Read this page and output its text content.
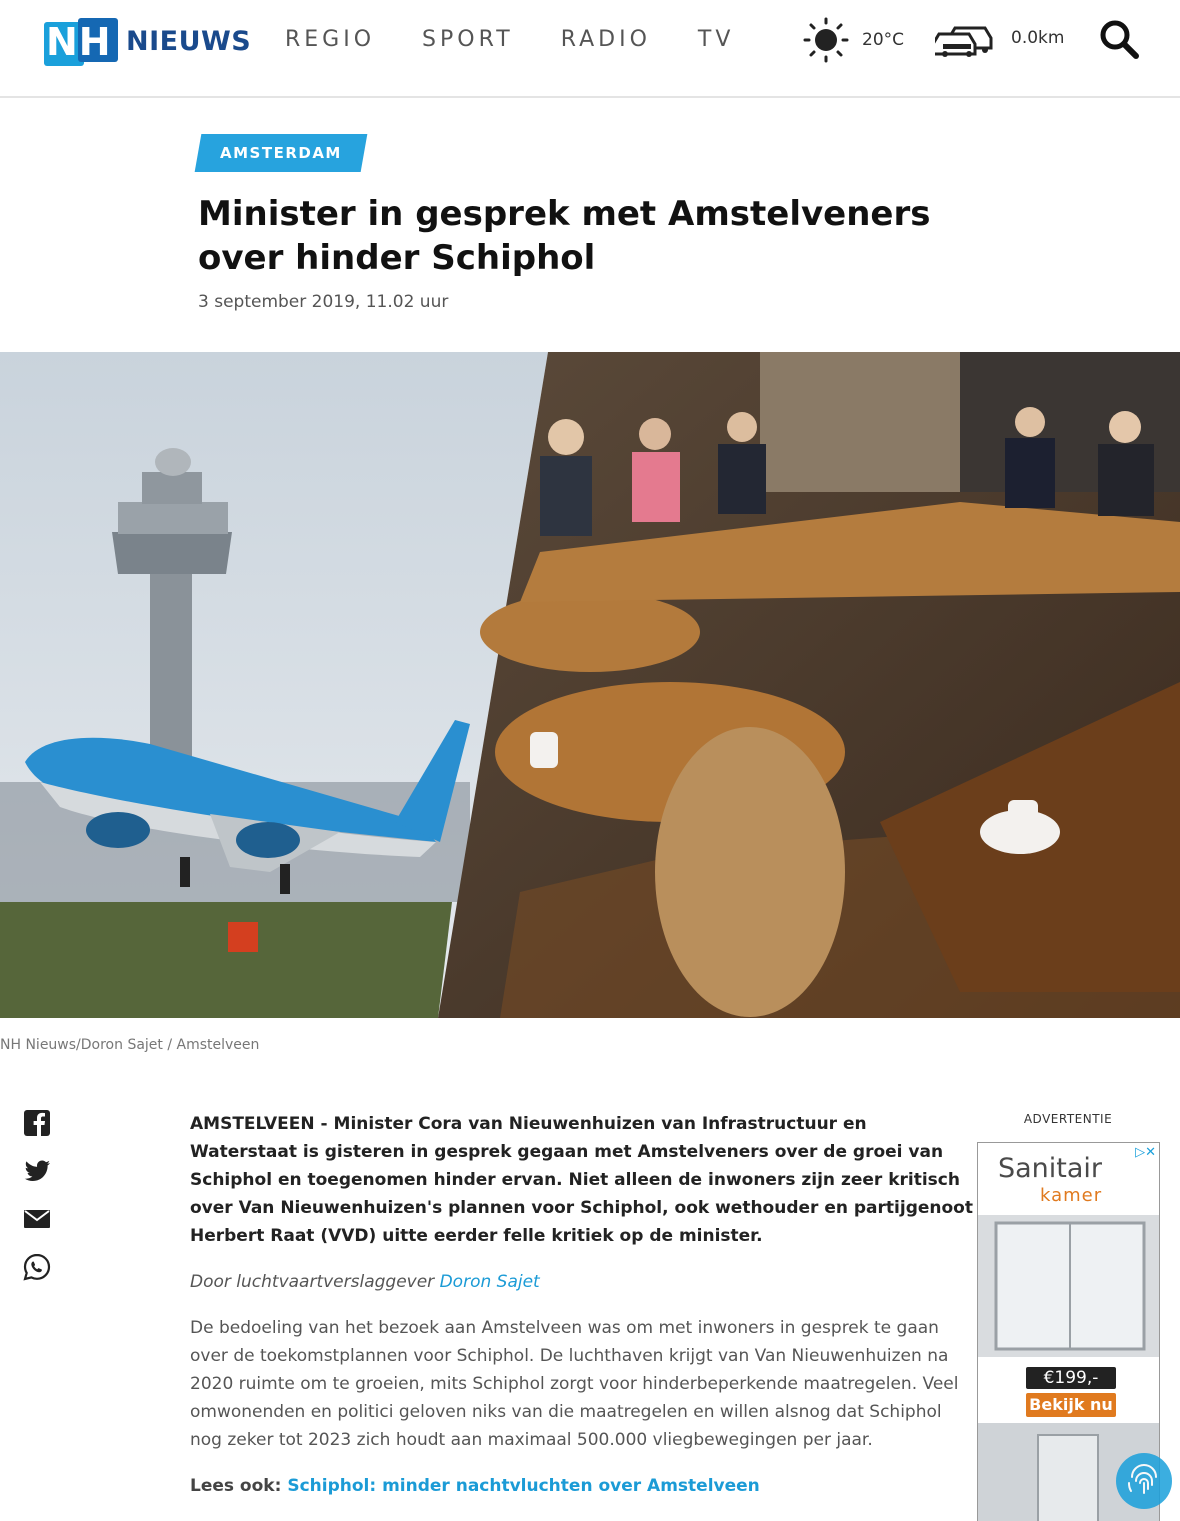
NH NIEUWS REGIO SPORT RADIO TV	20°C	0.0km
AMSTERDAM
Minister in gesprek met Amstelveners over hinder Schiphol
3 september 2019, 11.02 uur
NH Nieuws/Doron Sajet / Amstelveen

AMSTELVEEN - Minister Cora van Nieuwenhuizen van Infrastructuur en Waterstaat is gisteren in gesprek gegaan met Amstelveners over de groei van Schiphol en toegenomen hinder ervan. Niet alleen de inwoners zijn zeer kritisch over Van Nieuwenhuizen's plannen voor Schiphol, ook wethouder en partijgenoot Herbert Raat (VVD) uitte eerder felle kritiek op de minister.

Door luchtvaartverslaggever Doron Sajet

De bedoeling van het bezoek aan Amstelveen was om met inwoners in gesprek te gaan over de toekomstplannen voor Schiphol. De luchthaven krijgt van Van Nieuwenhuizen na 2020 ruimte om te groeien, mits Schiphol zorgt voor hinderbeperkende maatregelen. Veel omwonenden en politici geloven niks van die maatregelen en willen alsnog dat Schiphol nog zeker tot 2023 zich houdt aan maximaal 500.000 vliegbewegingen per jaar.

Lees ook: Schiphol: minder nachtvluchten over Amstelveen

ADVERTENTIE
▷✕
Sanitair
kamer
€199,-
Bekijk nu
